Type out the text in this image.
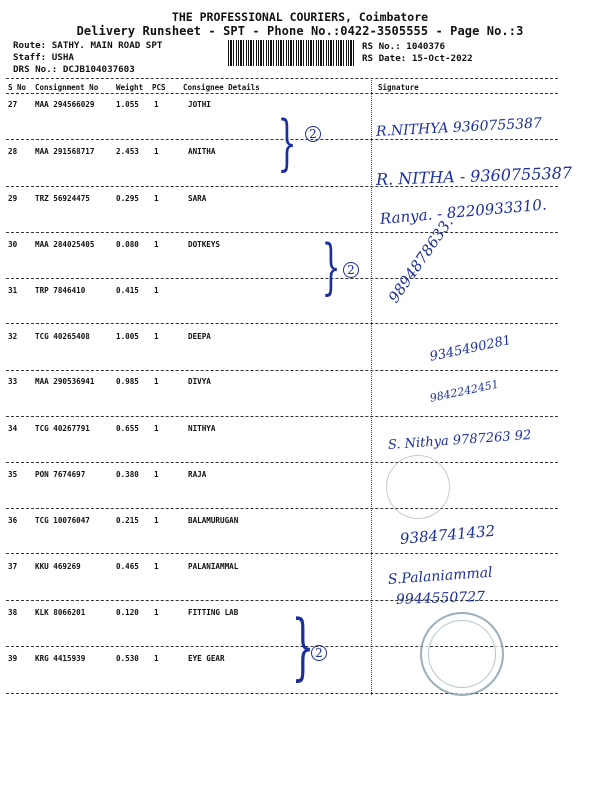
THE PROFESSIONAL COURIERS, Coimbatore
Delivery Runsheet - SPT - Phone No.:0422-3505555 - Page No.:3
Route: SATHY. MAIN ROAD SPT
Staff: USHA
DRS No.: DCJB104037603
RS No.: 1040376
RS Date: 15-Oct-2022
S No Consignment No Weight PCS Consignee Details	Signature
27 MAA 294566029	1.055 1	JOTHI
28 MAA 291568717	2.453 1	ANITHA
29 TRZ 56924475	0.295 1	SARA
30 MAA 284025405	0.080 1	DOTKEYS
31 TRP 7846410	0.415 1
32 TCG 40265408	1.005 1	DEEPA
33 MAA 290536941	0.985 1	DIVYA
34 TCG 40267791	0.655 1	NITHYA
35 PON 7674697	0.380 1	RAJA
36 TCG 10076047	0.215 1	BALAMURUGAN
37 KKU 469269	0.465 1	PALANIAMMAL
38 KLK 8066201	0.120 1	FITTING LAB
39 KRG 4415939	0.530 1	EYE GEAR
}	2
} 2
} 2
R.NITHYA 9360755387
R. NITHA - 9360755387
Ranya. - 8220933310.
9894878633.
9345490281
9842242451
S. Nithya 9787263 92
9384741432
S.Palaniammal
9944550727
